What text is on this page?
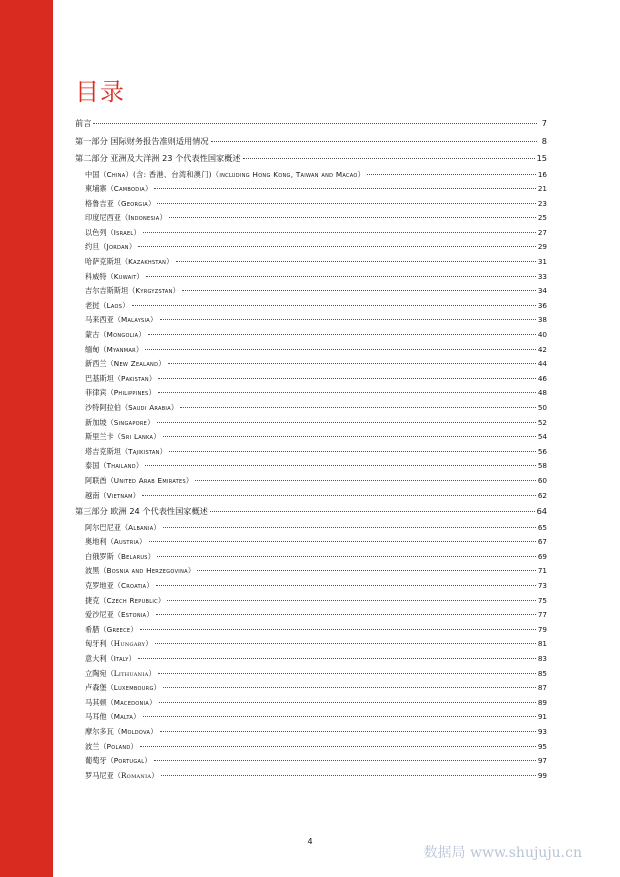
目录
前言	7
第一部分 国际财务报告准则适用情况	8
第二部分 亚洲及大洋洲 23 个代表性国家概述	15
中国（China）(含: 香港、台湾和澳门)（including Hong Kong, Taiwan and Macao）	16
柬埔寨（Cambodia）	21
格鲁吉亚（Georgia）	23
印度尼西亚（Indonesia）	25
以色列（Israel）	27
约旦（Jordan）	29
哈萨克斯坦（Kazakhstan）	31
科威特（Kuwait）	33
吉尔吉斯斯坦（Kyrgyzstan）	34
老挝（Laos）	36
马来西亚（Malaysia）	38
蒙古（Mongolia）	40
缅甸（Myanmar）	42
新西兰（New Zealand）	44
巴基斯坦（Pakistan）	46
菲律宾（Philippines）	48
沙特阿拉伯（Saudi Arabia）	50
新加坡（Singapore）	52
斯里兰卡（Sri Lanka）	54
塔吉克斯坦（Tajikistan）	56
泰国（Thailand）	58
阿联酋（United Arab Emirates）	60
越南（Vietnam）	62
第三部分 欧洲 24 个代表性国家概述	64
阿尔巴尼亚（Albania）	65
奥地利（Austria）	67
白俄罗斯（Belarus）	69
波黑（Bosnia and Herzegovina）	71
克罗地亚（Croatia）	73
捷克（Czech Republic）	75
爱沙尼亚（Estonia）	77
希腊（Greece）	79
匈牙利（Hungary）	81
意大利（Italy）	83
立陶宛（Lithuania）	85
卢森堡（Luxembourg）	87
马其顿（Macedonia）	89
马耳他（Malta）	91
摩尔多瓦（Moldova）	93
波兰（Poland）	95
葡萄牙（Portugal）	97
罗马尼亚（Romania）	99
4
数据局 www.shujuju.cn
